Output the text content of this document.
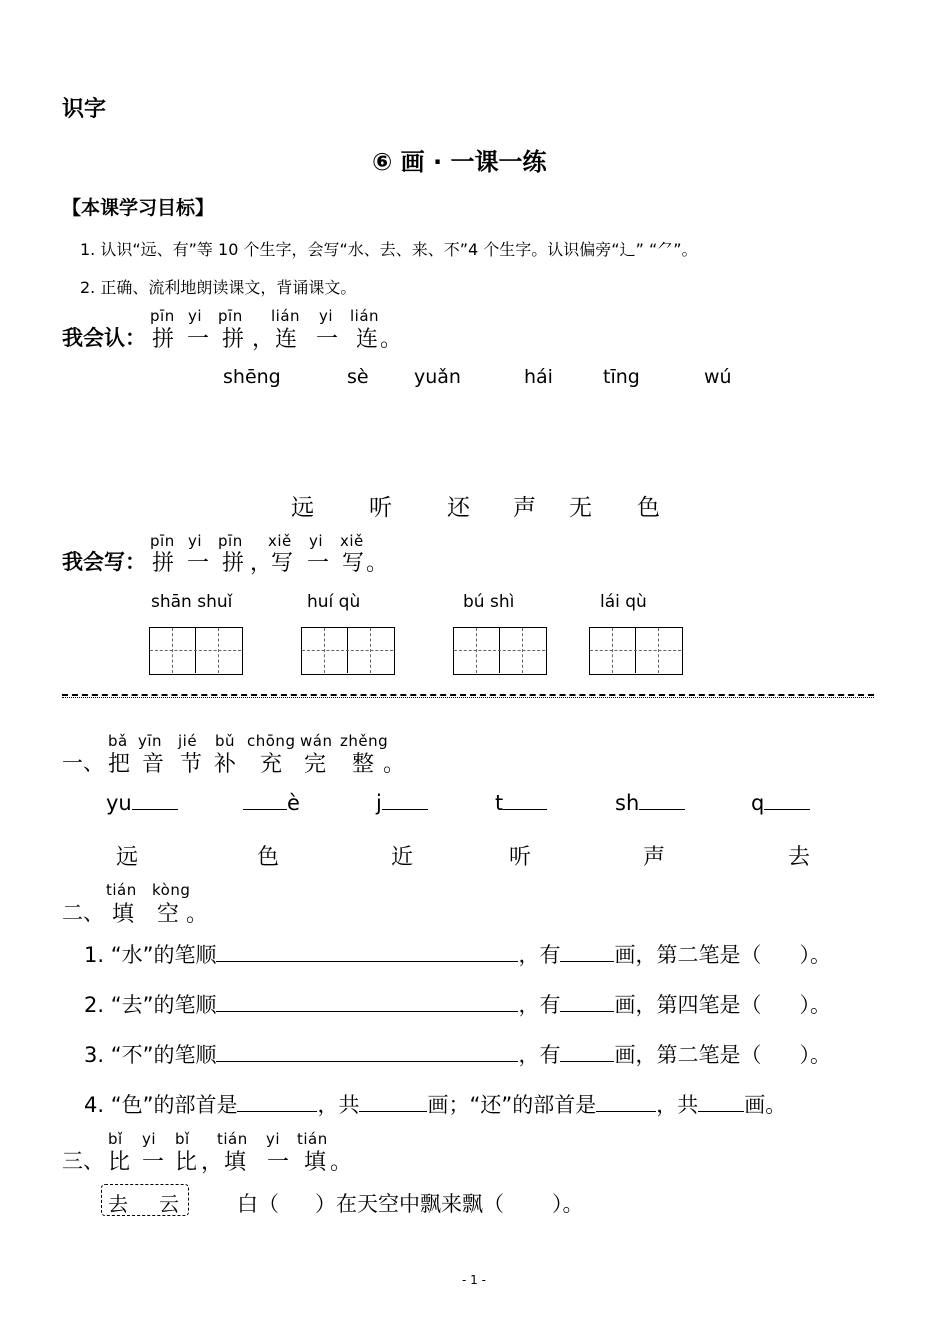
识字
⑥ 画 · 一课一练
【本课学习目标】
1. 认识“远、有”等 10 个生字，会写“水、去、来、不”4 个生字。认识偏旁“辶” “⺈”。
2. 正确、流利地朗读课文，背诵课文。
我会认：
pīn yi pīn lián yi lián
拼 一 拼 ， 连 一 连 。
shēng	sè yuǎn	hái	tīng	wú
远 听 还 声 无 色
我会写：
pīn yi pīn xiě yi xiě
拼 一 拼 ，
写 一 写 。
shān shuǐ	huí qù	bú shì	lái qù
一、
bǎ yīn jié bǔ chōng wán zhěng
把 音 节 补 充 完 整 。
yu	è	j	t	sh	q
远	色	近	听	声	去
二、
tián kòng
填 空 。
1. “水”的笔顺	，有	画，第二笔是（ ）。
2. “去”的笔顺	，有	画，第四笔是（ ）。
3. “不”的笔顺	，有	画，第二笔是（ ）。
4. “色”的部首是	，共	画；“还”的部首是	，共 画。
三、
bǐ yi bǐ tián yi tián
比 一 比 ， 填 一 填 。
去 云	白（ ）在天空中飘来飘（ ）。
- 1 -
